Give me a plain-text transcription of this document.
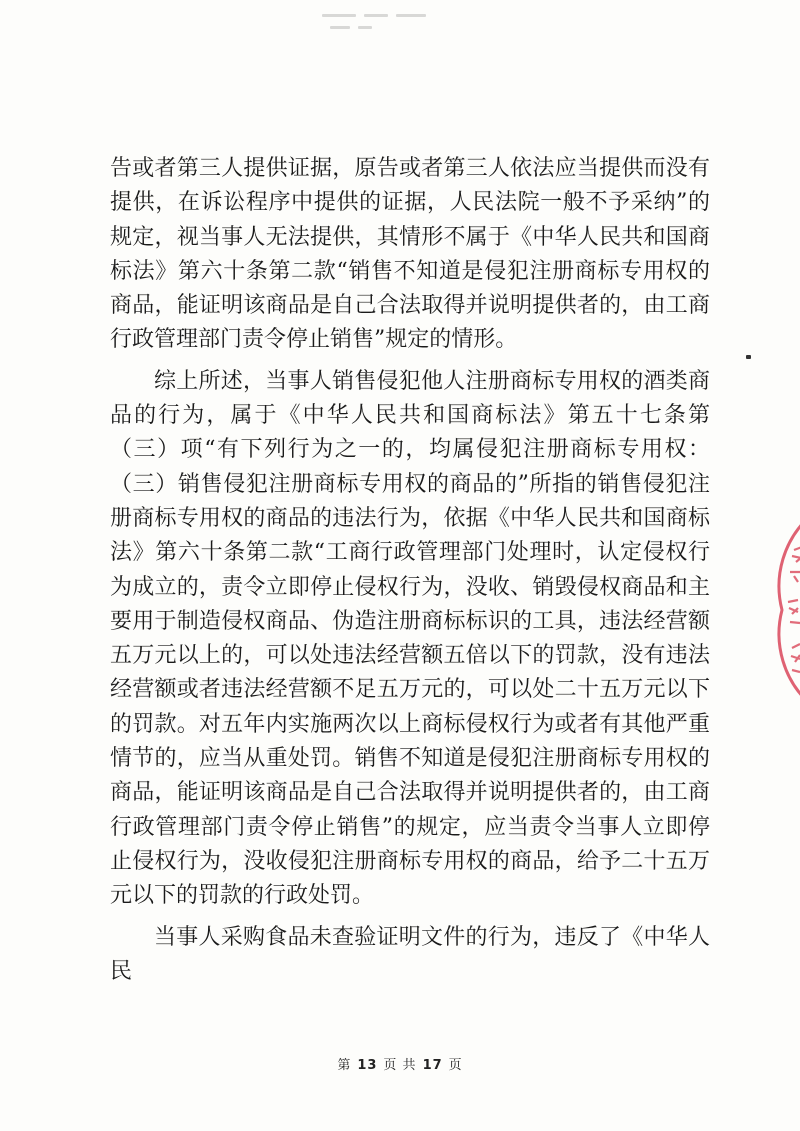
告或者第三人提供证据，原告或者第三人依法应当提供而没有提供，在诉讼程序中提供的证据，人民法院一般不予采纳”的规定，视当事人无法提供，其情形不属于《中华人民共和国商标法》第六十条第二款“销售不知道是侵犯注册商标专用权的商品，能证明该商品是自己合法取得并说明提供者的，由工商行政管理部门责令停止销售”规定的情形。

综上所述，当事人销售侵犯他人注册商标专用权的酒类商品的行为，属于《中华人民共和国商标法》第五十七条第（三）项“有下列行为之一的，均属侵犯注册商标专用权：（三）销售侵犯注册商标专用权的商品的”所指的销售侵犯注册商标专用权的商品的违法行为，依据《中华人民共和国商标法》第六十条第二款“工商行政管理部门处理时，认定侵权行为成立的，责令立即停止侵权行为，没收、销毁侵权商品和主要用于制造侵权商品、伪造注册商标标识的工具，违法经营额五万元以上的，可以处违法经营额五倍以下的罚款，没有违法经营额或者违法经营额不足五万元的，可以处二十五万元以下的罚款。对五年内实施两次以上商标侵权行为或者有其他严重情节的，应当从重处罚。销售不知道是侵犯注册商标专用权的商品，能证明该商品是自己合法取得并说明提供者的，由工商行政管理部门责令停止销售”的规定，应当责令当事人立即停止侵权行为，没收侵犯注册商标专用权的商品，给予二十五万元以下的罚款的行政处罚。

当事人采购食品未查验证明文件的行为，违反了《中华人民

第 13 页 共 17 页
